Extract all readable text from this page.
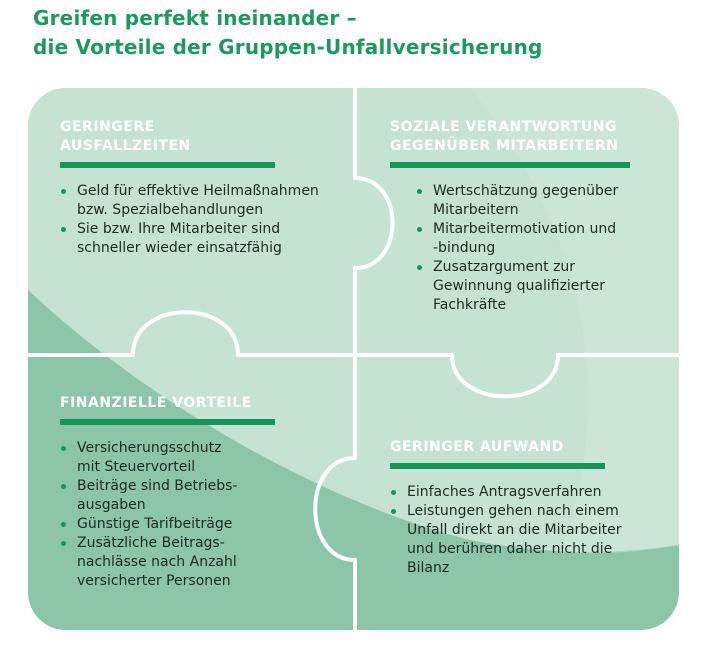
Greifen perfekt ineinander –
die Vorteile der Gruppen-Unfallversicherung
GERINGERE
AUSFALLZEITEN
Geld für effektive Heilmaßnahmen
bzw. Spezialbehandlungen
Sie bzw. Ihre Mitarbeiter sind
schneller wieder einsatzfähig
SOZIALE VERANTWORTUNG
GEGENÜBER MITARBEITERN
Wertschätzung gegenüber
Mitarbeitern
Mitarbeitermotivation und
-bindung
Zusatzargument zur
Gewinnung qualifizierter
Fachkräfte
FINANZIELLE VORTEILE
Versicherungsschutz
mit Steuervorteil
Beiträge sind Betriebs-
ausgaben
Günstige Tarifbeiträge
Zusätzliche Beitrags-
nachlässe nach Anzahl
versicherter Personen
GERINGER AUFWAND
Einfaches Antragsverfahren
Leistungen gehen nach einem
Unfall direkt an die Mitarbeiter
und berühren daher nicht die
Bilanz
